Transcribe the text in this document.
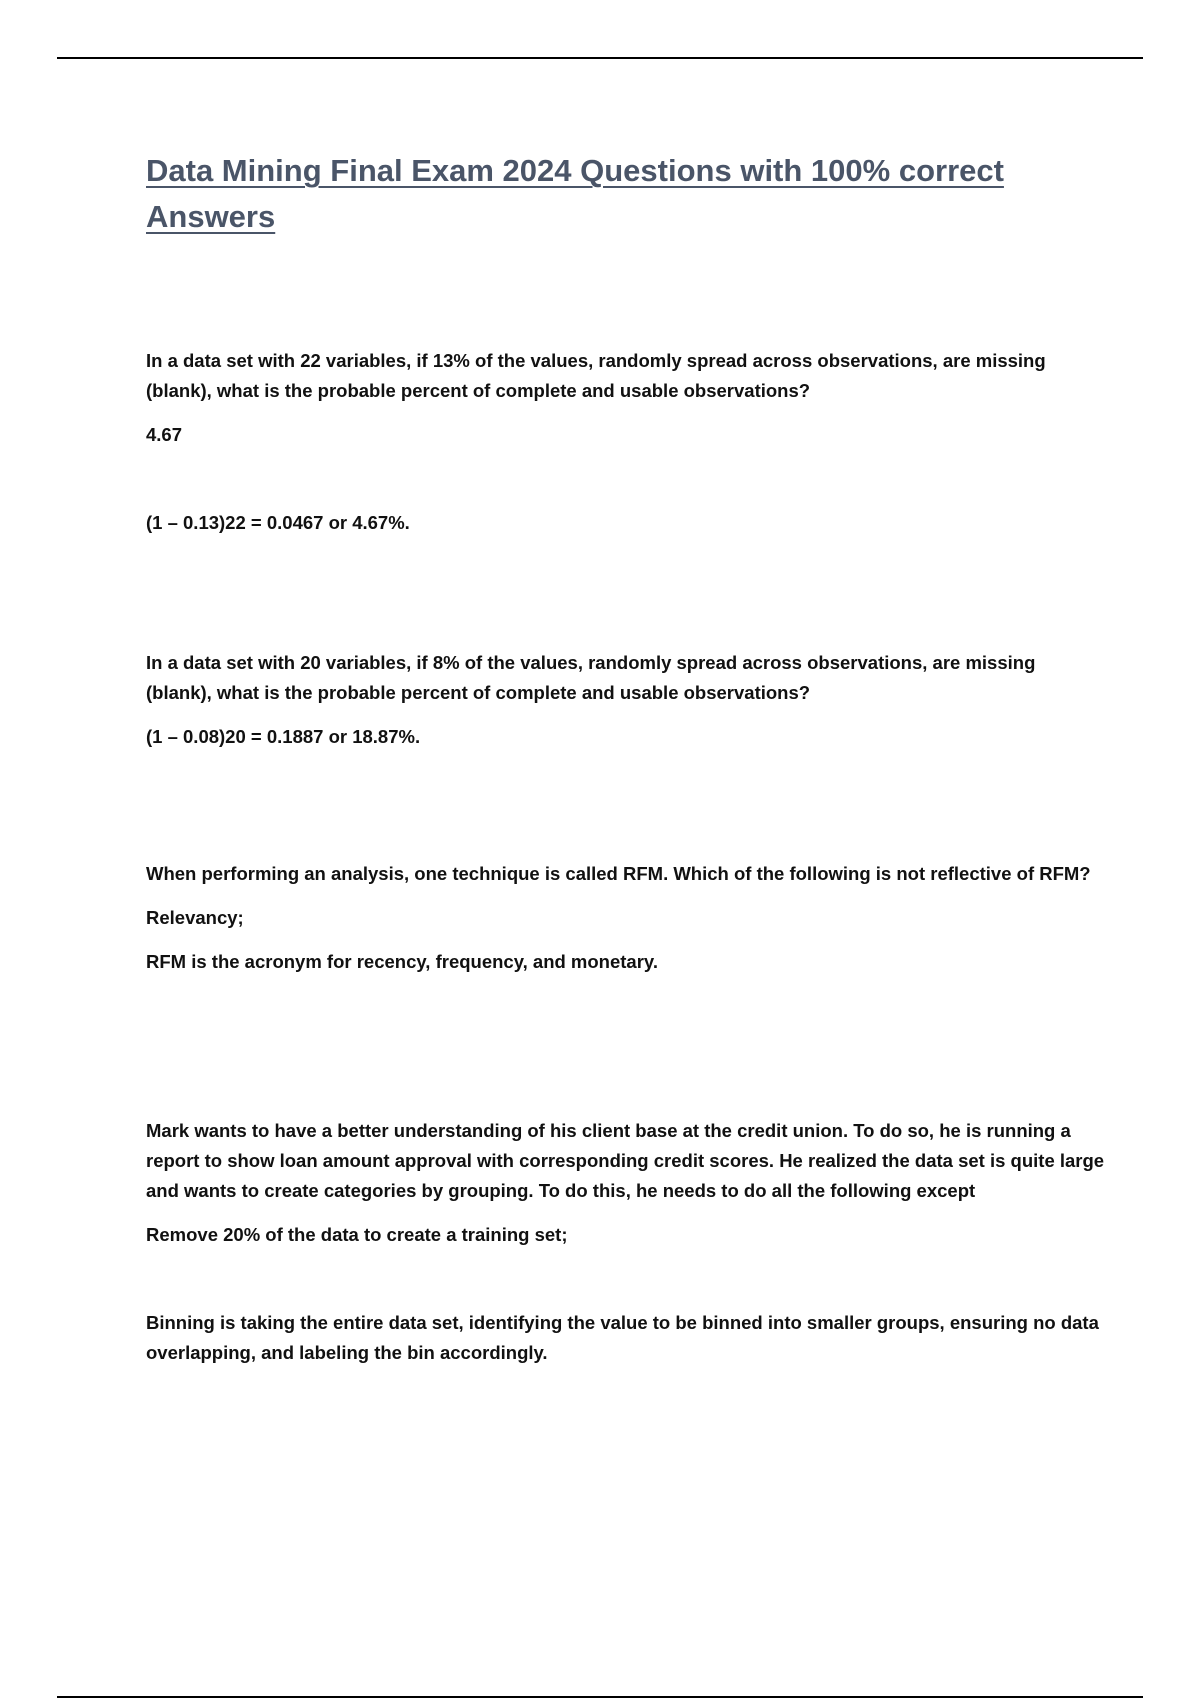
Data Mining Final Exam 2024 Questions with 100% correct Answers

In a data set with 22 variables, if 13% of the values, randomly spread across observations, are missing (blank), what is the probable percent of complete and usable observations?

4.67

(1 – 0.13)22 = 0.0467 or 4.67%.

In a data set with 20 variables, if 8% of the values, randomly spread across observations, are missing (blank), what is the probable percent of complete and usable observations?

(1 – 0.08)20 = 0.1887 or 18.87%.

When performing an analysis, one technique is called RFM. Which of the following is not reflective of RFM?

Relevancy;

RFM is the acronym for recency, frequency, and monetary.

Mark wants to have a better understanding of his client base at the credit union. To do so, he is running a report to show loan amount approval with corresponding credit scores. He realized the data set is quite large and wants to create categories by grouping. To do this, he needs to do all the following except

Remove 20% of the data to create a training set;

Binning is taking the entire data set, identifying the value to be binned into smaller groups, ensuring no data overlapping, and labeling the bin accordingly.
